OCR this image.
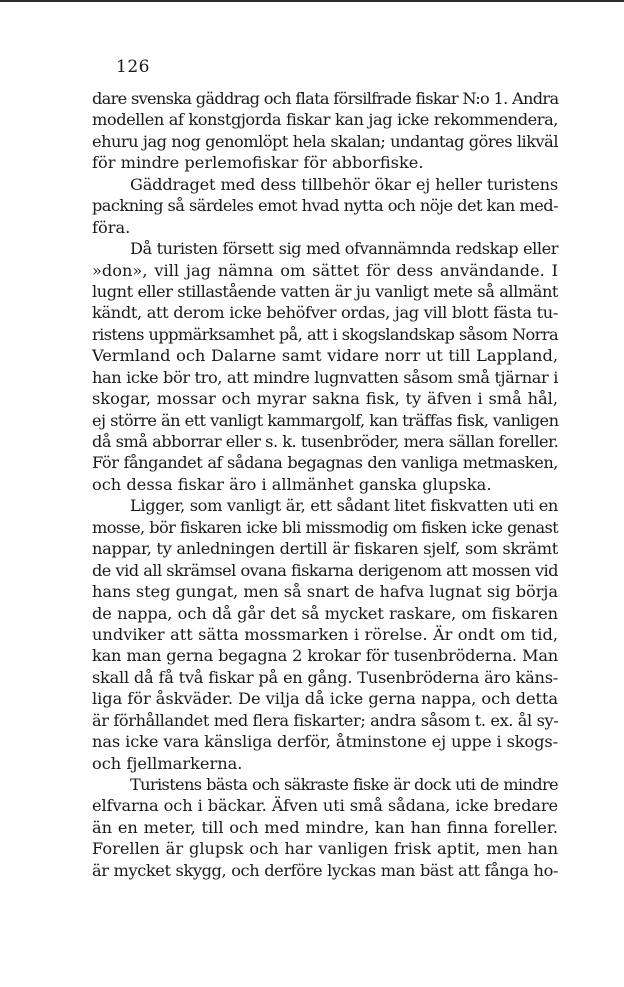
126
dare svenska gäddrag och flata försilfrade fiskar N:o 1. Andra
modellen af konstgjorda fiskar kan jag icke rekommendera,
ehuru jag nog genomlöpt hela skalan; undantag göres likväl
för mindre perlemofiskar för abborfiske.
Gäddraget med dess tillbehör ökar ej heller turistens
packning så särdeles emot hvad nytta och nöje det kan med-
föra.
Då turisten försett sig med ofvannämnda redskap eller
»don», vill jag nämna om sättet för dess användande. I
lugnt eller stillastående vatten är ju vanligt mete så allmänt
kändt, att derom icke behöfver ordas, jag vill blott fästa tu-
ristens uppmärksamhet på, att i skogslandskap såsom Norra
Vermland och Dalarne samt vidare norr ut till Lappland,
han icke bör tro, att mindre lugnvatten såsom små tjärnar i
skogar, mossar och myrar sakna fisk, ty äfven i små hål,
ej större än ett vanligt kammargolf, kan träffas fisk, vanligen
då små abborrar eller s. k. tusenbröder, mera sällan foreller.
För fångandet af sådana begagnas den vanliga metmasken,
och dessa fiskar äro i allmänhet ganska glupska.
Ligger, som vanligt är, ett sådant litet fiskvatten uti en
mosse, bör fiskaren icke bli missmodig om fisken icke genast
nappar, ty anledningen dertill är fiskaren sjelf, som skrämt
de vid all skrämsel ovana fiskarna derigenom att mossen vid
hans steg gungat, men så snart de hafva lugnat sig börja
de nappa, och då går det så mycket raskare, om fiskaren
undviker att sätta mossmarken i rörelse. Är ondt om tid,
kan man gerna begagna 2 krokar för tusenbröderna. Man
skall då få två fiskar på en gång. Tusenbröderna äro käns-
liga för åskväder. De vilja då icke gerna nappa, och detta
är förhållandet med flera fiskarter; andra såsom t. ex. ål sy-
nas icke vara känsliga derför, åtminstone ej uppe i skogs-
och fjellmarkerna.
Turistens bästa och säkraste fiske är dock uti de mindre
elfvarna och i bäckar. Äfven uti små sådana, icke bredare
än en meter, till och med mindre, kan han finna foreller.
Forellen är glupsk och har vanligen frisk aptit, men han
är mycket skygg, och derföre lyckas man bäst att fånga ho-
